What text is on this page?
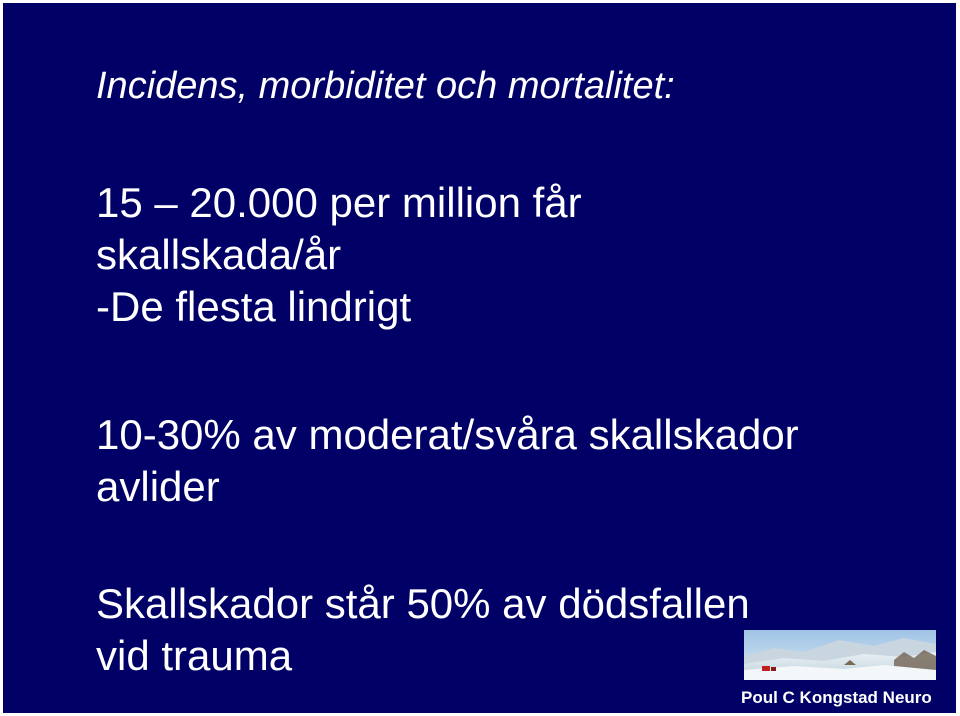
Incidens, morbiditet och mortalitet:
15 – 20.000 per million får
skallskada/år
-De flesta lindrigt
10-30% av moderat/svåra skallskador
avlider
Skallskador står 50% av dödsfallen
vid trauma
Poul C Kongstad Neuro
